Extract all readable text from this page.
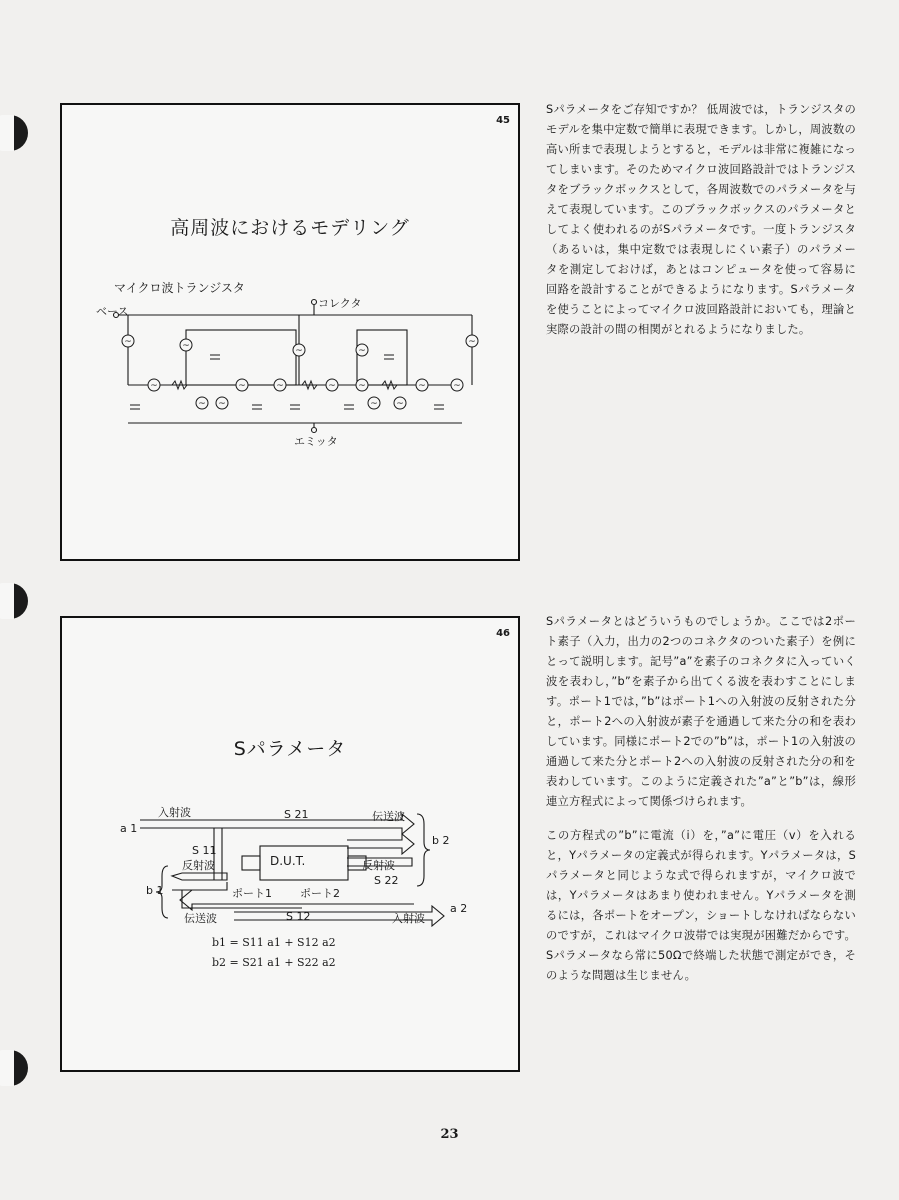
45
高周波におけるモデリング
マイクロ波トランジスタ
ベース
コレクタ
エミッタ
~	~	~	~
~
~	~	~	~ ~	~	~
~ ~	~ ~
46
Sパラメータ
入射波	S 21	伝送波
a 1
S 11
反射波	D.U.T.	反射波
S 22
b 2
b 1	ポート1	ポート2
伝送波	S 12	入射波
a 2
b1 = S11 a1 + S12 a2
b2 = S21 a1 + S22 a2
Sパラメータをご存知ですか？ 低周波では，トランジスタのモデルを集中定数で簡単に表現できます。しかし，周波数の高い所まで表現しようとすると，モデルは非常に複雑になってしまいます。そのためマイクロ波回路設計ではトランジスタをブラックボックスとして，各周波数でのパラメータを与えて表現しています。このブラックボックスのパラメータとしてよく使われるのがSパラメータです。一度トランジスタ（あるいは，集中定数では表現しにくい素子）のパラメータを測定しておけば，あとはコンピュータを使って容易に回路を設計することができるようになります。Sパラメータを使うことによってマイクロ波回路設計においても，理論と実際の設計の間の相関がとれるようになりました。
Sパラメータとはどういうものでしょうか。ここでは2ポート素子（入力，出力の2つのコネクタのついた素子）を例にとって説明します。記号”a”を素子のコネクタに入っていく波を表わし，”b”を素子から出てくる波を表わすことにします。ポート1では，”b”はポート1への入射波の反射された分と，ポート2への入射波が素子を通過して来た分の和を表わしています。同様にポート2での”b”は，ポート1の入射波の通過して来た分とポート2への入射波の反射された分の和を表わしています。このように定義された”a”と”b”は，線形連立方程式によって関係づけられます。
この方程式の”b”に電流（i）を，”a”に電圧（v）を入れると，Yパラメータの定義式が得られます。Yパラメータは，Sパラメータと同じような式で得られますが，マイクロ波では，Yパラメータはあまり使われません。Yパラメータを測るには，各ポートをオープン，ショートしなければならないのですが，これはマイクロ波帯では実現が困難だからです。Sパラメータなら常に50Ωで終端した状態で測定ができ，そのような問題は生じません。
23
